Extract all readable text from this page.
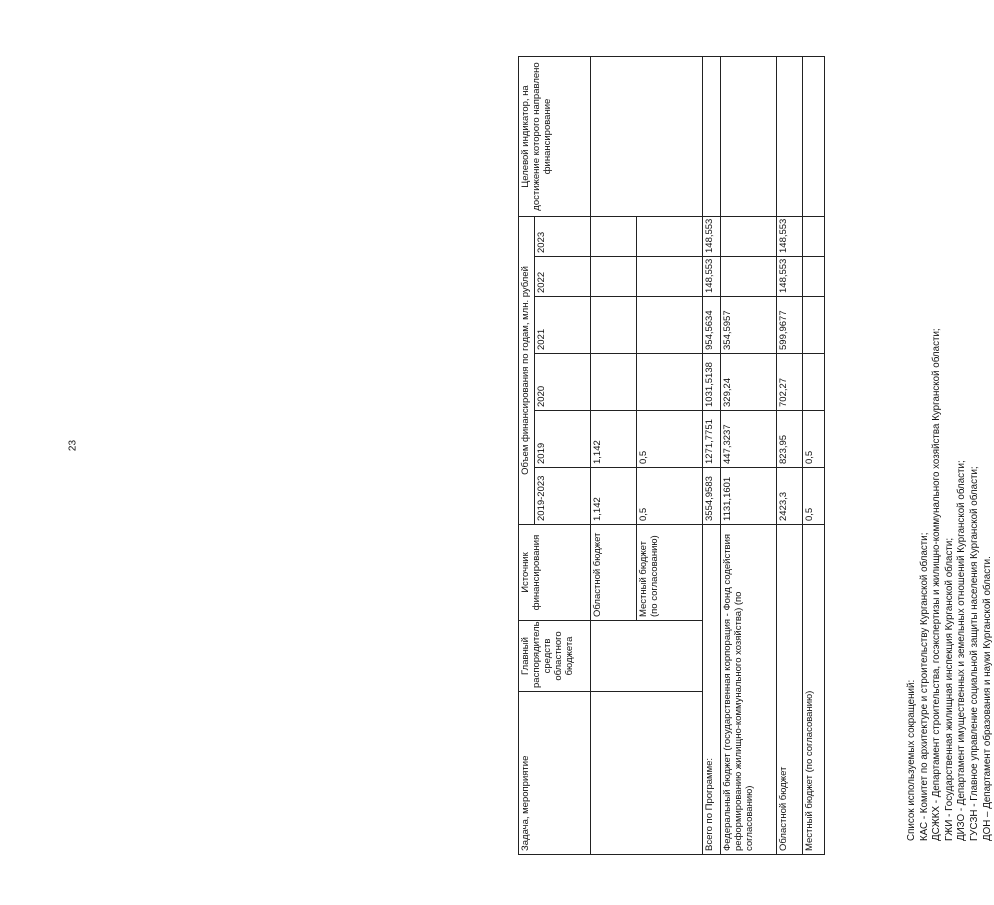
23
Задача, мероприятие	Главный распорядитель средств областного бюджета	Источник финансирования	Объем финансирования по годам, млн. рублей						Целевой индикатор, на достижение которого направлено финансирование
			2019-2023	2019	2020	2021	2022	2023	
		Областной бюджет	1,142	1,142					
		Местный бюджет (по согласованию)	0,5	0,5					
Всего по Программе:			3554,9583	1271,7751	1031,5138	954,5634	148,553	148,553	
Федеральный бюджет (государственная корпорация - Фонд содействия реформированию жилищно-коммунального хозяйства) (по согласованию)			1131,1601	447,3237	329,24	354,5957			
Областной бюджет			2423,3	823,95	702,27	599,9677	148,553	148,553	
Местный бюджет (по согласованию)			0,5	0,5					
Список используемых сокращений: КАС - Комитет по архитектуре и строительству Курганской области; ДСЖКХ - Департамент строительства, госэкспертизы и жилищно-коммунального хозяйства Курганской области; ГЖИ - Государственная жилищная инспекция Курганской области; ДИЗО - Департамент имущественных и земельных отношений Курганской области; ГУСЗН - Главное управление социальной защиты населения Курганской области; ДОН – Департамент образования и науки Курганской области.
